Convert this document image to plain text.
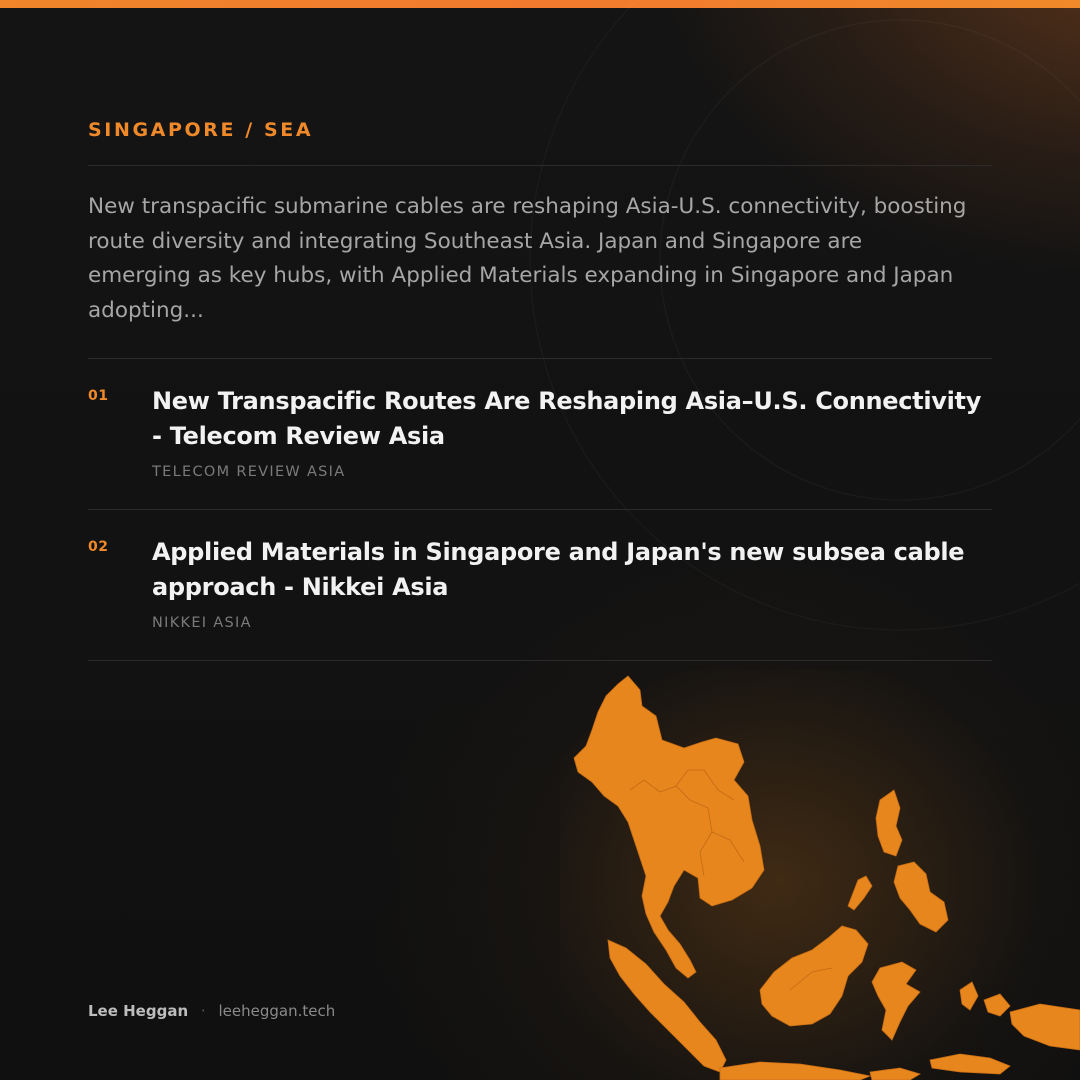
SINGAPORE / SEA
New transpacific submarine cables are reshaping Asia-U.S. connectivity, boosting route diversity and integrating Southeast Asia. Japan and Singapore are emerging as key hubs, with Applied Materials expanding in Singapore and Japan adopting...
01 New Transpacific Routes Are Reshaping Asia–U.S. Connectivity - Telecom Review Asia
TELECOM REVIEW ASIA
02 Applied Materials in Singapore and Japan's new subsea cable approach - Nikkei Asia
NIKKEI ASIA
Lee Heggan · leeheggan.tech
